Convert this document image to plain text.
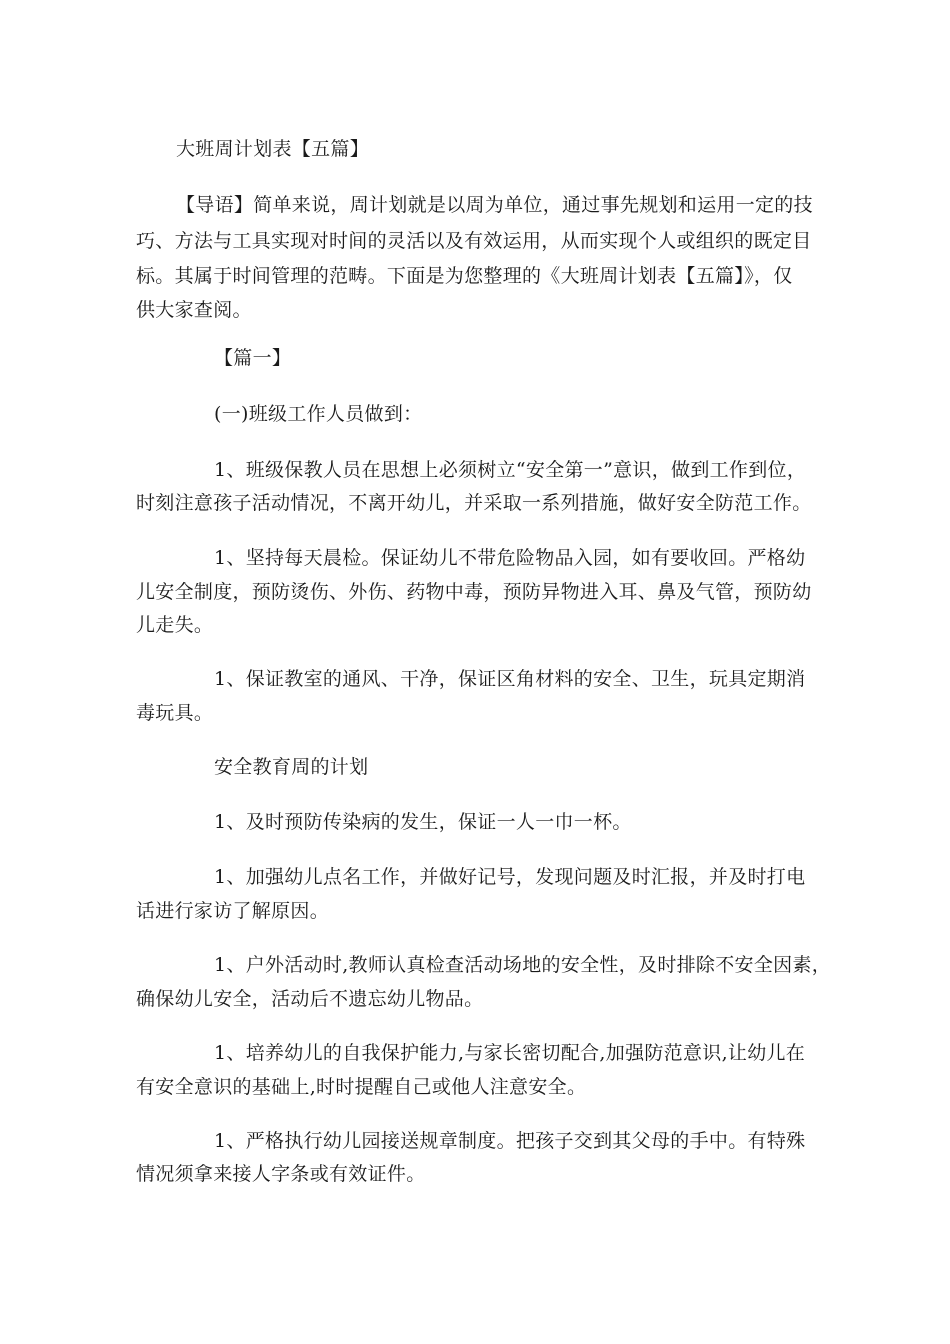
大班周计划表【五篇】
【导语】简单来说，周计划就是以周为单位，通过事先规划和运用一定的技
巧、方法与工具实现对时间的灵活以及有效运用，从而实现个人或组织的既定目
标。其属于时间管理的范畴。下面是为您整理的《大班周计划表【五篇】》，仅
供大家查阅。
【篇一】
(一)班级工作人员做到：
1、班级保教人员在思想上必须树立“安全第一”意识，做到工作到位，
时刻注意孩子活动情况，不离开幼儿，并采取一系列措施，做好安全防范工作。
1、坚持每天晨检。保证幼儿不带危险物品入园，如有要收回。严格幼
儿安全制度，预防烫伤、外伤、药物中毒，预防异物进入耳、鼻及气管，预防幼
儿走失。
1、保证教室的通风、干净，保证区角材料的安全、卫生，玩具定期消
毒玩具。
安全教育周的计划
1、及时预防传染病的发生，保证一人一巾一杯。
1、加强幼儿点名工作，并做好记号，发现问题及时汇报，并及时打电
话进行家访了解原因。
1、户外活动时,教师认真检查活动场地的安全性，及时排除不安全因素，
确保幼儿安全，活动后不遗忘幼儿物品。
1、培养幼儿的自我保护能力,与家长密切配合,加强防范意识,让幼儿在
有安全意识的基础上,时时提醒自己或他人注意安全。
1、严格执行幼儿园接送规章制度。把孩子交到其父母的手中。有特殊
情况须拿来接人字条或有效证件。
